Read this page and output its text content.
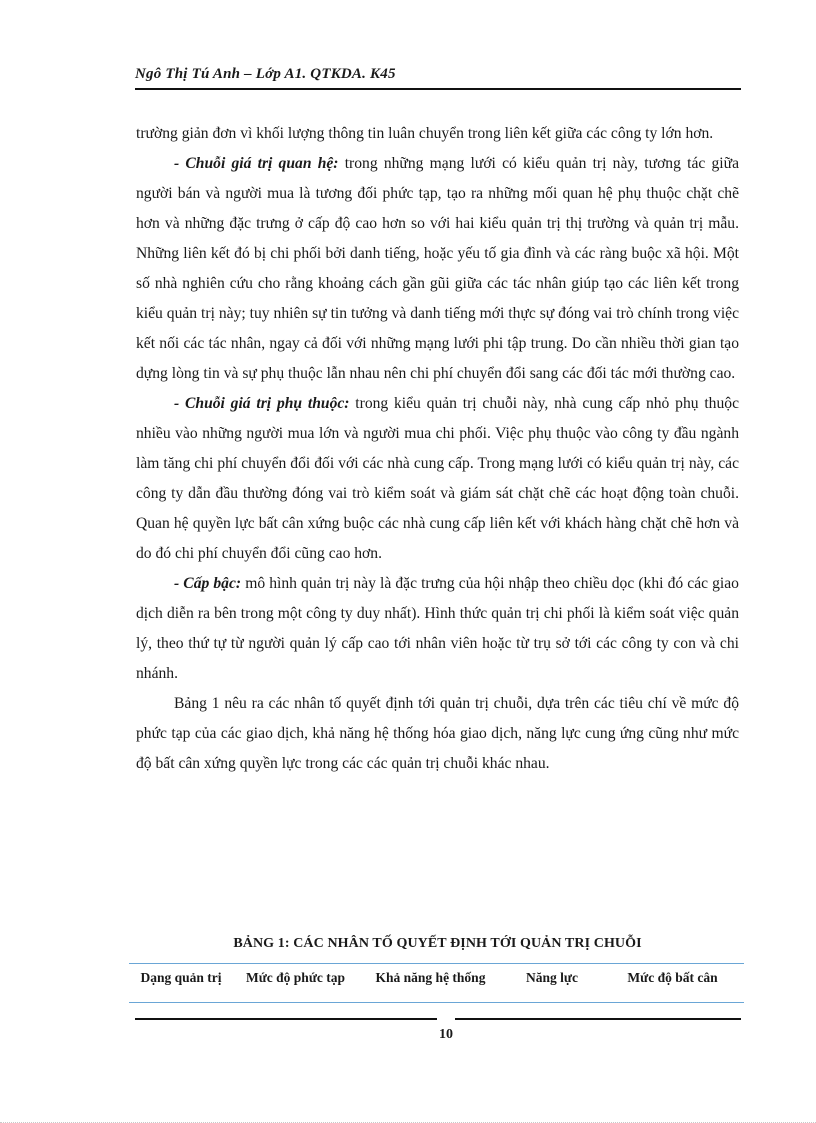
Ngô Thị Tú Anh – Lớp A1. QTKDA. K45

trường giản đơn vì khối lượng thông tin luân chuyển trong liên kết giữa các công ty lớn hơn.

- Chuỗi giá trị quan hệ: trong những mạng lưới có kiểu quản trị này, tương tác giữa người bán và người mua là tương đối phức tạp, tạo ra những mối quan hệ phụ thuộc chặt chẽ hơn và những đặc trưng ở cấp độ cao hơn so với hai kiểu quản trị thị trường và quản trị mẫu. Những liên kết đó bị chi phối bởi danh tiếng, hoặc yếu tố gia đình và các ràng buộc xã hội. Một số nhà nghiên cứu cho rằng khoảng cách gần gũi giữa các tác nhân giúp tạo các liên kết trong kiểu quản trị này; tuy nhiên sự tin tưởng và danh tiếng mới thực sự đóng vai trò chính trong việc kết nối các tác nhân, ngay cả đối với những mạng lưới phi tập trung. Do cần nhiều thời gian tạo dựng lòng tin và sự phụ thuộc lẫn nhau nên chi phí chuyển đổi sang các đối tác mới thường cao.

- Chuỗi giá trị phụ thuộc: trong kiểu quản trị chuỗi này, nhà cung cấp nhỏ phụ thuộc nhiều vào những người mua lớn và người mua chi phối. Việc phụ thuộc vào công ty đầu ngành làm tăng chi phí chuyển đổi đối với các nhà cung cấp. Trong mạng lưới có kiểu quản trị này, các công ty dẫn đầu thường đóng vai trò kiểm soát và giám sát chặt chẽ các hoạt động toàn chuỗi. Quan hệ quyền lực bất cân xứng buộc các nhà cung cấp liên kết với khách hàng chặt chẽ hơn và do đó chi phí chuyển đổi cũng cao hơn.

- Cấp bậc: mô hình quản trị này là đặc trưng của hội nhập theo chiều dọc (khi đó các giao dịch diễn ra bên trong một công ty duy nhất). Hình thức quản trị chi phối là kiểm soát việc quản lý, theo thứ tự từ người quản lý cấp cao tới nhân viên hoặc từ trụ sở tới các công ty con và chi nhánh.

Bảng 1 nêu ra các nhân tố quyết định tới quản trị chuỗi, dựa trên các tiêu chí về mức độ phức tạp của các giao dịch, khả năng hệ thống hóa giao dịch, năng lực cung ứng cũng như mức độ bất cân xứng quyền lực trong các các quản trị chuỗi khác nhau.

BẢNG 1: CÁC NHÂN TỐ QUYẾT ĐỊNH TỚI QUẢN TRỊ CHUỖI
Dạng quản trị	Mức độ phức tạp	Khả năng hệ thống	Năng lực	Mức độ bất cân
10
